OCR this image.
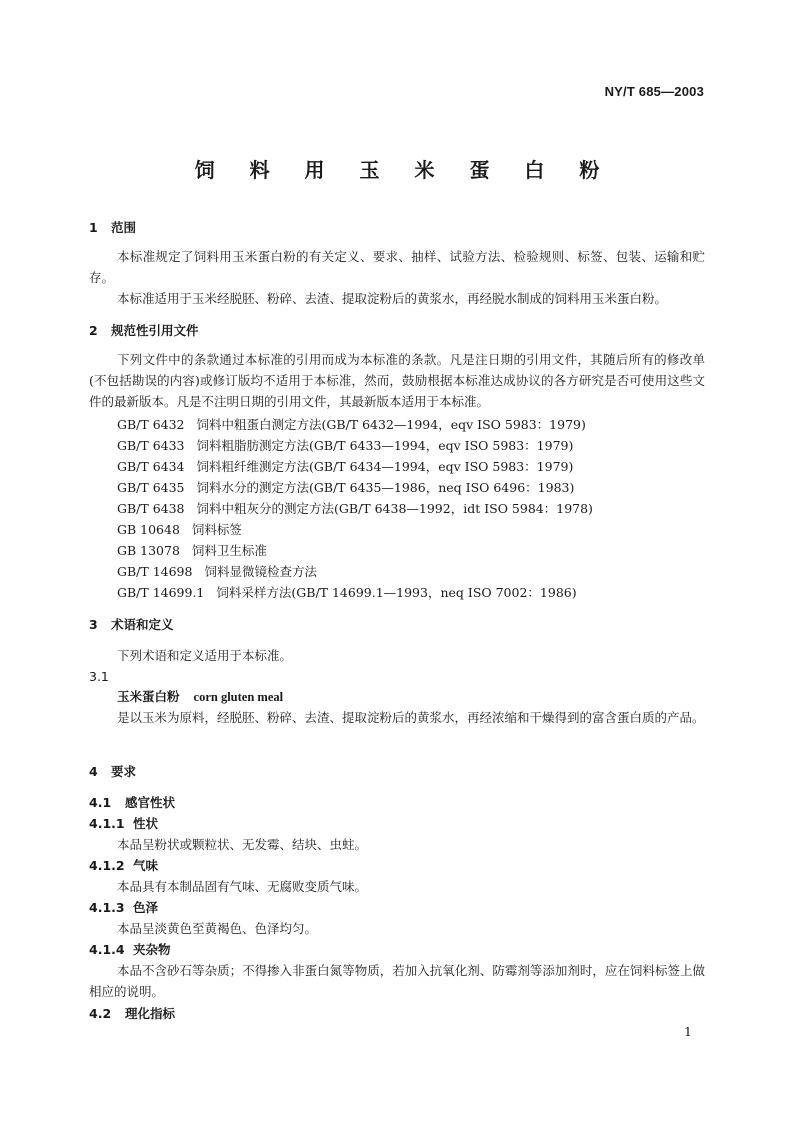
NY/T 685—2003
饲 料 用 玉 米 蛋 白 粉
1 范围
本标准规定了饲料用玉米蛋白粉的有关定义、要求、抽样、试验方法、检验规则、标签、包装、运输和贮存。
本标准适用于玉米经脱胚、粉碎、去渣、提取淀粉后的黄浆水，再经脱水制成的饲料用玉米蛋白粉。
2 规范性引用文件
下列文件中的条款通过本标准的引用而成为本标准的条款。凡是注日期的引用文件，其随后所有的修改单(不包括勘误的内容)或修订版均不适用于本标准，然而，鼓励根据本标准达成协议的各方研究是否可使用这些文件的最新版本。凡是不注明日期的引用文件，其最新版本适用于本标准。
GB/T 6432 饲料中粗蛋白测定方法(GB/T 6432—1994，eqv ISO 5983：1979)
GB/T 6433 饲料粗脂肪测定方法(GB/T 6433—1994，eqv ISO 5983：1979)
GB/T 6434 饲料粗纤维测定方法(GB/T 6434—1994，eqv ISO 5983：1979)
GB/T 6435 饲料水分的测定方法(GB/T 6435—1986，neq ISO 6496：1983)
GB/T 6438 饲料中粗灰分的测定方法(GB/T 6438—1992，idt ISO 5984：1978)
GB 10648 饲料标签
GB 13078 饲料卫生标准
GB/T 14698 饲料显微镜检查方法
GB/T 14699.1 饲料采样方法(GB/T 14699.1—1993，neq ISO 7002：1986)
3 术语和定义
下列术语和定义适用于本标准。
3.1
玉米蛋白粉 corn gluten meal
是以玉米为原料，经脱胚、粉碎、去渣、提取淀粉后的黄浆水，再经浓缩和干燥得到的富含蛋白质的产品。
4 要求
4.1 感官性状
4.1.1 性状
本品呈粉状或颗粒状、无发霉、结块、虫蛀。
4.1.2 气味
本品具有本制品固有气味、无腐败变质气味。
4.1.3 色泽
本品呈淡黄色至黄褐色、色泽均匀。
4.1.4 夹杂物
本品不含砂石等杂质；不得掺入非蛋白氮等物质，若加入抗氧化剂、防霉剂等添加剂时，应在饲料标签上做相应的说明。
4.2 理化指标
1
